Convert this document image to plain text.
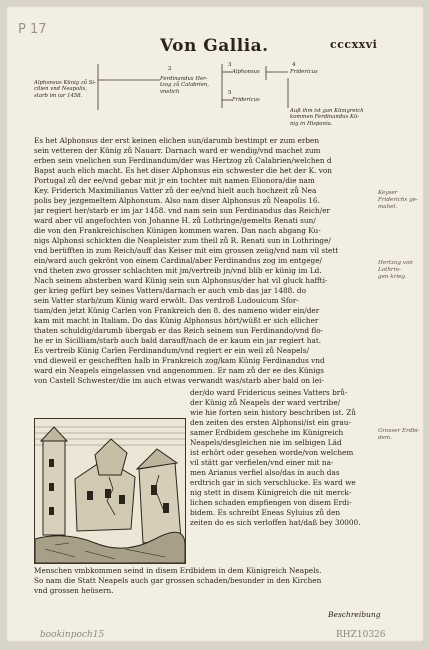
P 17
Von Gallia.	cccxxvi
Alphonsus Künig zů Si-
cilien vnd Neapolis,
starb im iar 1458.
2
Ferdinandus Her-
tzog zů Calabrien,
vnelich
3
Alphonsus
4
Fridericus
5
Fridericus
Auß ihm ist gan Künigreich
kommen Ferdinandus Kü-
nig in Hispania.
Es het Alphonsus der erst keinen elichen sun/darumb bestimpt er zum erben
sein vetteren der Künig zů Nauarr. Darnach ward er wendig/vnd machet zum
erben sein vnelichen sun Ferdinandum/der was Hertzog zů Calabrien/welchen d
Bapst auch elich macht. Es het diser Alphonsus ein schwester die het der K. von
Portugal zů der ee/vnd gebar mit jr ein tochter mit namen Elionora/die nam
Key. Friderich Maximilianus Vatter zů der ee/vnd hielt auch hochzeit zů Nea
polis bey jezgemeltem Alphonsum. Also nam diser Alphonsus zů Neapolis 16.
jar regiert her/starb er im jar 1458. vnd nam sein sun Ferdinandus das Reich/er
ward aber vil angefochten von Johanne H. zů Lothringe/gemelts Renati sun/
die von den Frankreichischen Künigen kommen waren. Dan nach abgang Ku-
nigs Alphonsi schickten die Neapleister zum theil zů R. Renati sun in Lothringe/
vnd berüfften in zum Reich/auff das Keiser mit eim grossen zeüg/vnd nam vil stett
ein/ward auch gekrönt von einem Cardinal/aber Ferdinandus zog im entgege/
vnd theten zwo grosser schlachten mit jm/vertreib jn/vnd blib er künig im Ld.
Nach seinem absterben ward Künig sein sun Alphonsus/der hat vil gluck haffti-
ger krieg gefürt bey seines Vatters/darnach er auch vmb das jar 1488. do
sein Vatter starb/zum Künig ward erwölt. Das verdroß Ludouicum Sfor-
tiam/den jetzt Künig Carlen von Frankreich den 8. des nameno wider ein/der
kam mit macht in Italiam. Do das Künig Alphonsus hört/wüßt er sich ellicher
thaten schuldig/darumb übergab er das Reich seinem sun Ferdinando/vnd flo-
he er in Sicilliam/starb auch bald darauff/nach de er kaum ein jar regiert hat.
Es vertreib Künig Carlen Ferdinandum/vnd regiert er ein weil zů Neapels/
vnd dieweil er geschefften halb in Frankreich zog/kam Künig Ferdinandus vnd
ward ein Neapels eingelassen vnd angenommen. Er nam zů der ee des Künigs
von Castell Schwester/die im auch etwas verwandt was/starb aber bald on lei-
der/do ward Fridericus seines Vatters brů-
der Künig zů Neapels der ward vertribe/
wie hie forten sein history beschriben ist. Zů
den zeiten des ersten Alphonsi/ist ein grau-
samer Erdbidem geschehe im Künigreich
Neapels/desgleichen nie im selbigen Läd
ist erhört oder gesehen worde/von welchem
vil stätt gar verfielen/vnd einer mit na-
men Arianus verfiel also/das in auch das
erdtrich gar in sich verschlucke. Es ward we
nig stett in disem Künigreich die nit merck-
lichen schaden empfiengen von disem Erdi-
bidem. Es schreibt Eneas Syluius zů den
zeiten do es sich verloffen hat/daß bey 30000.
Menschen vmbkommen seind in disem Erdbidem in dem Künigreich Neapels.
So nam die Statt Neapels auch gar grossen schaden/besunder in den Kirchen
vnd grossen heüsern.
Keyser
Friderichs ge-
mahel.
Hertzog von
Lothrin-
gen krieg.
Grosser Erdbi-
dem.
Beschreibung
bookinpoch15	RHZ10326
